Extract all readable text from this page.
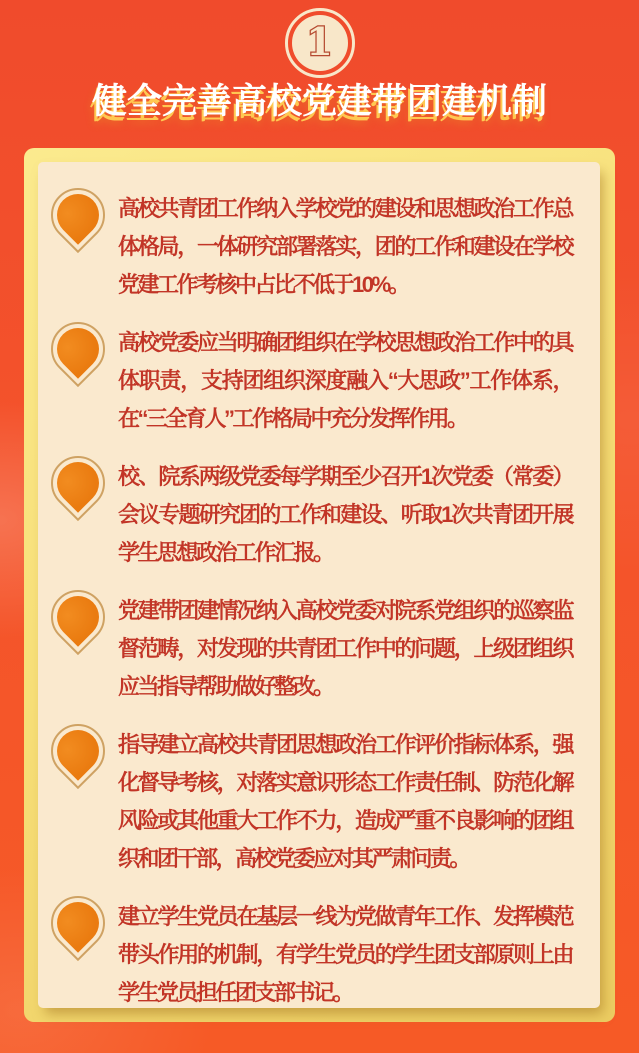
1
健全完善高校党建带团建机制
高校共青团工作纳入学校党的建设和思想政治工作总体格局，一体研究部署落实，团的工作和建设在学校党建工作考核中占比不低于10%。
高校党委应当明确团组织在学校思想政治工作中的具体职责，支持团组织深度融入“大思政”工作体系，在“三全育人”工作格局中充分发挥作用。
校、院系两级党委每学期至少召开1次党委（常委）会议专题研究团的工作和建设、听取1次共青团开展学生思想政治工作汇报。
党建带团建情况纳入高校党委对院系党组织的巡察监督范畴，对发现的共青团工作中的问题，上级团组织应当指导帮助做好整改。
指导建立高校共青团思想政治工作评价指标体系，强化督导考核，对落实意识形态工作责任制、防范化解风险或其他重大工作不力，造成严重不良影响的团组织和团干部，高校党委应对其严肃问责。
建立学生党员在基层一线为党做青年工作、发挥模范带头作用的机制，有学生党员的学生团支部原则上由学生党员担任团支部书记。
